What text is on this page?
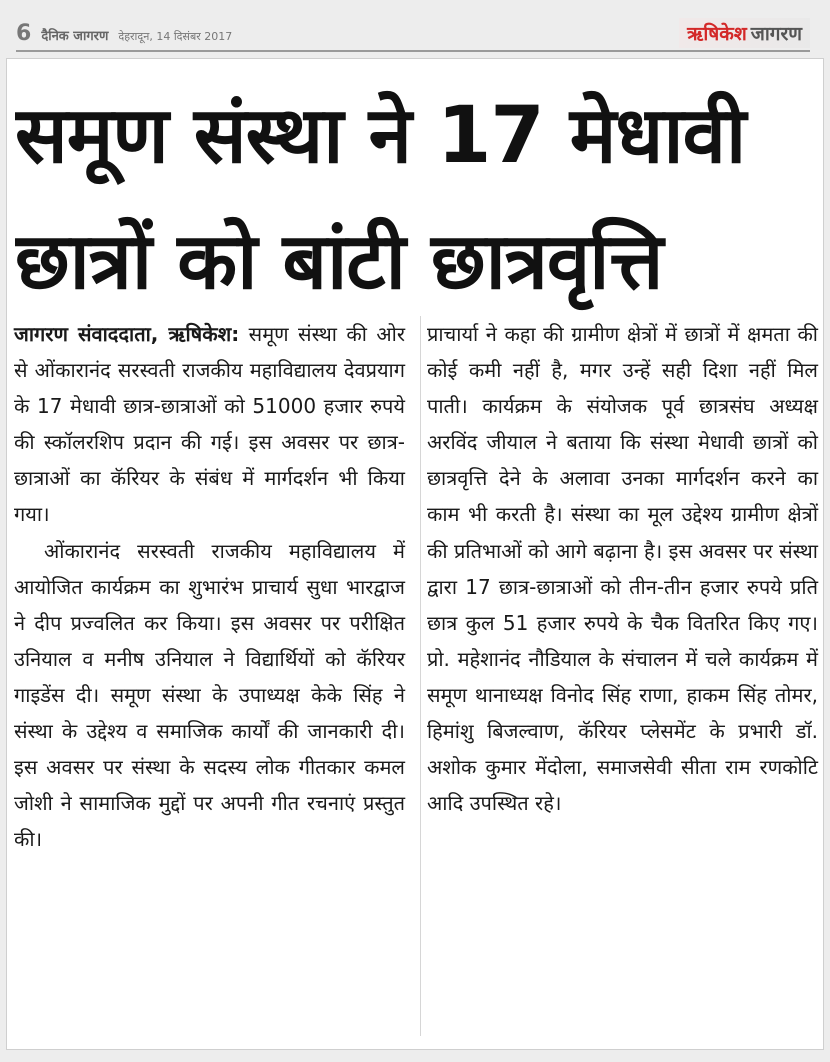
6 दैनिक जागरण देहरादून, 14 दिसंबर 2017	ऋषिकेश जागरण
समूण संस्था ने 17 मेधावी
छात्रों को बांटी छात्रवृत्ति

जागरण संवाददाता, ऋषिकेश: समूण संस्था की ओर से ओंकारानंद सरस्वती राजकीय महाविद्यालय देवप्रयाग के 17 मेधावी छात्र-छात्राओं को 51000 हजार रुपये की स्कॉलरशिप प्रदान की गई। इस अवसर पर छात्र-छात्राओं का कॅरियर के संबंध में मार्गदर्शन भी किया गया।

ओंकारानंद सरस्वती राजकीय महाविद्यालय में आयोजित कार्यक्रम का शुभारंभ प्राचार्य सुधा भारद्वाज ने दीप प्रज्वलित कर किया। इस अवसर पर परीक्षित उनियाल व मनीष उनियाल ने विद्यार्थियों को कॅरियर गाइडेंस दी। समूण संस्था के उपाध्यक्ष केके सिंह ने संस्था के उद्देश्य व समाजिक कार्यों की जानकारी दी। इस अवसर पर संस्था के सदस्य लोक गीतकार कमल जोशी ने सामाजिक मुद्दों पर अपनी गीत रचनाएं प्रस्तुत की।

प्राचार्या ने कहा की ग्रामीण क्षेत्रों में छात्रों में क्षमता की कोई कमी नहीं है, मगर उन्हें सही दिशा नहीं मिल पाती। कार्यक्रम के संयोजक पूर्व छात्रसंघ अध्यक्ष अरविंद जीयाल ने बताया कि संस्था मेधावी छात्रों को छात्रवृत्ति देने के अलावा उनका मार्गदर्शन करने का काम भी करती है। संस्था का मूल उद्देश्य ग्रामीण क्षेत्रों की प्रतिभाओं को आगे बढ़ाना है। इस अवसर पर संस्था द्वारा 17 छात्र-छात्राओं को तीन-तीन हजार रुपये प्रति छात्र कुल 51 हजार रुपये के चैक वितरित किए गए। प्रो. महेशानंद नौडियाल के संचालन में चले कार्यक्रम में समूण थानाध्यक्ष विनोद सिंह राणा, हाकम सिंह तोमर, हिमांशु बिजल्वाण, कॅरियर प्लेसमेंट के प्रभारी डॉ. अशोक कुमार मेंदोला, समाजसेवी सीता राम रणकोटि आदि उपस्थित रहे।
